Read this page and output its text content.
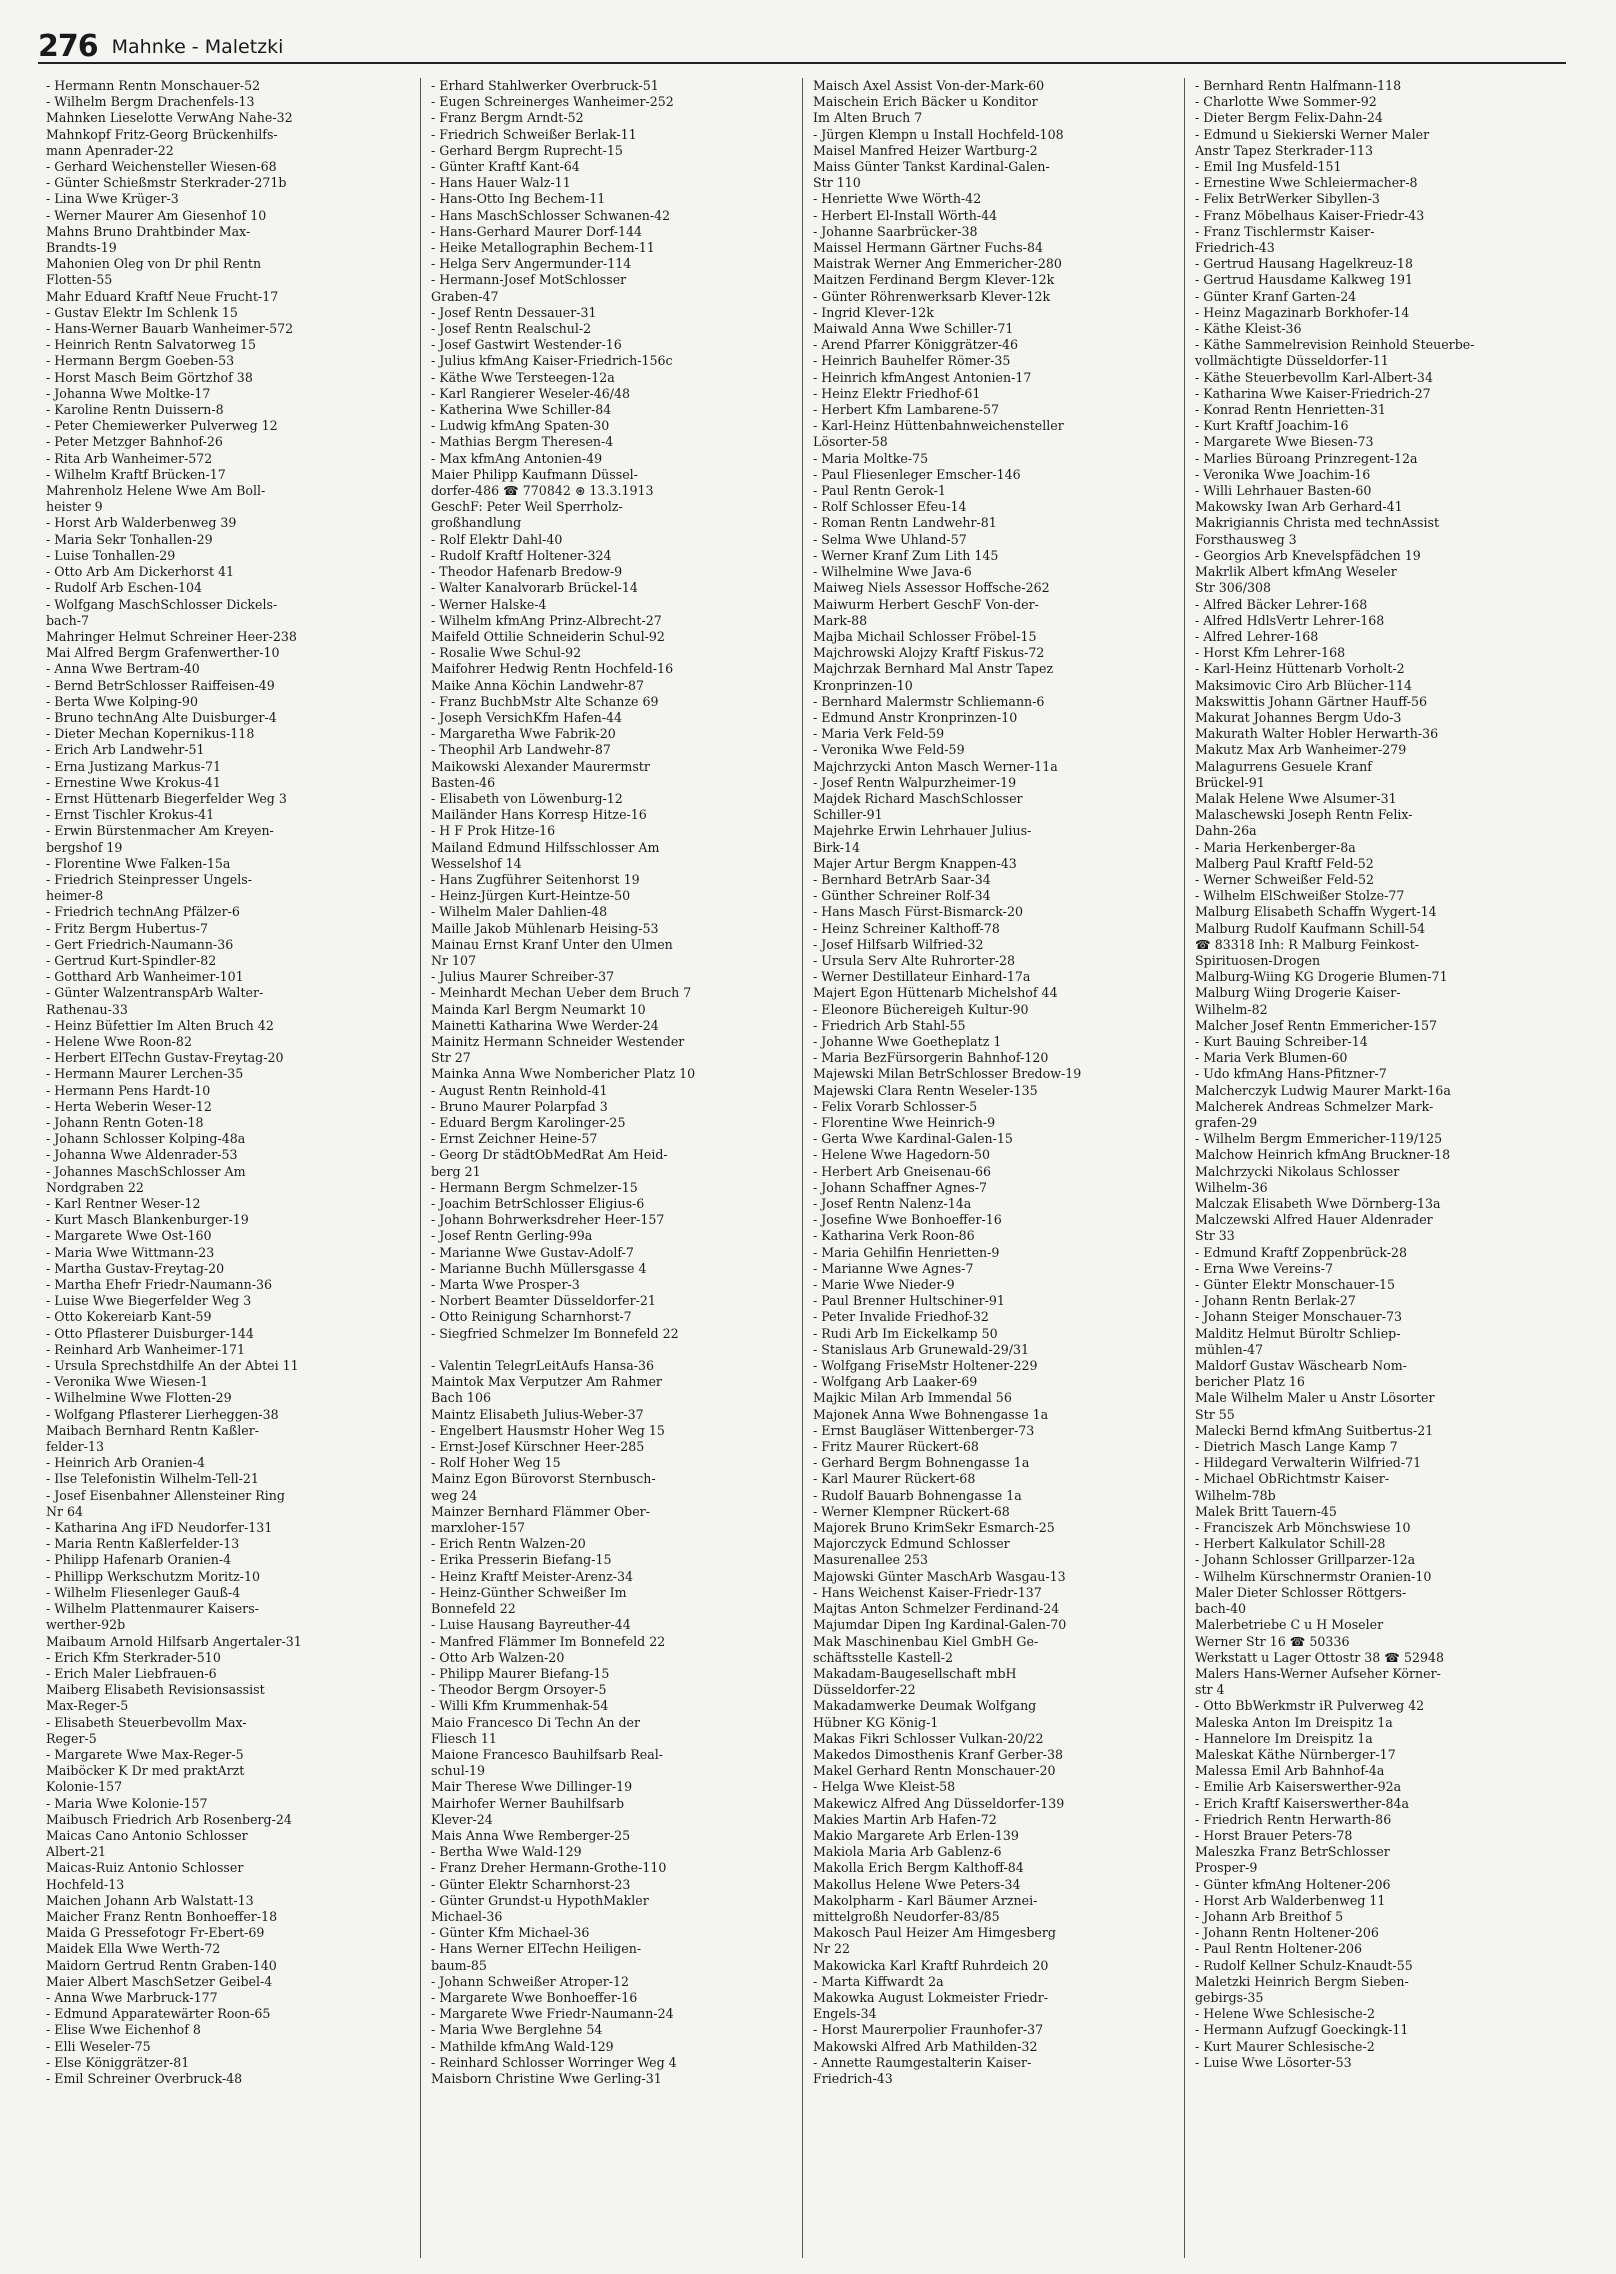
276 Mahnke - Maletzki
- Hermann Rentn Monschauer-52
- Wilhelm Bergm Drachenfels-13
Mahnken Lieselotte VerwAng Nahe-32
Mahnkopf Fritz-Georg Brückenhilfs-
mann Apenrader-22
- Gerhard Weichensteller Wiesen-68
- Günter Schießmstr Sterkrader-271b
- Lina Wwe Krüger-3
- Werner Maurer Am Giesenhof 10
Mahns Bruno Drahtbinder Max-
Brandts-19
Mahonien Oleg von Dr phil Rentn
Flotten-55
Mahr Eduard Kraftf Neue Frucht-17
- Gustav Elektr Im Schlenk 15
- Hans-Werner Bauarb Wanheimer-572
- Heinrich Rentn Salvatorweg 15
- Hermann Bergm Goeben-53
- Horst Masch Beim Görtzhof 38
- Johanna Wwe Moltke-17
- Karoline Rentn Duissern-8
- Peter Chemiewerker Pulverweg 12
- Peter Metzger Bahnhof-26
- Rita Arb Wanheimer-572
- Wilhelm Kraftf Brücken-17
Mahrenholz Helene Wwe Am Boll-
heister 9
- Horst Arb Walderbenweg 39
- Maria Sekr Tonhallen-29
- Luise Tonhallen-29
- Otto Arb Am Dickerhorst 41
- Rudolf Arb Eschen-104
- Wolfgang MaschSchlosser Dickels-
bach-7
Mahringer Helmut Schreiner Heer-238
Mai Alfred Bergm Grafenwerther-10
- Anna Wwe Bertram-40
- Bernd BetrSchlosser Raiffeisen-49
- Berta Wwe Kolping-90
- Bruno technAng Alte Duisburger-4
- Dieter Mechan Kopernikus-118
- Erich Arb Landwehr-51
- Erna Justizang Markus-71
- Ernestine Wwe Krokus-41
- Ernst Hüttenarb Biegerfelder Weg 3
- Ernst Tischler Krokus-41
- Erwin Bürstenmacher Am Kreyen-
bergshof 19
- Florentine Wwe Falken-15a
- Friedrich Steinpresser Ungels-
heimer-8
- Friedrich technAng Pfälzer-6
- Fritz Bergm Hubertus-7
- Gert Friedrich-Naumann-36
- Gertrud Kurt-Spindler-82
- Gotthard Arb Wanheimer-101
- Günter WalzentranspArb Walter-
Rathenau-33
- Heinz Büfettier Im Alten Bruch 42
- Helene Wwe Roon-82
- Herbert ElTechn Gustav-Freytag-20
- Hermann Maurer Lerchen-35
- Hermann Pens Hardt-10
- Herta Weberin Weser-12
- Johann Rentn Goten-18
- Johann Schlosser Kolping-48a
- Johanna Wwe Aldenrader-53
- Johannes MaschSchlosser Am
Nordgraben 22
- Karl Rentner Weser-12
- Kurt Masch Blankenburger-19
- Margarete Wwe Ost-160
- Maria Wwe Wittmann-23
- Martha Gustav-Freytag-20
- Martha Ehefr Friedr-Naumann-36
- Luise Wwe Biegerfelder Weg 3
- Otto Kokereiarb Kant-59
- Otto Pflasterer Duisburger-144
- Reinhard Arb Wanheimer-171
- Ursula Sprechstdhilfe An der Abtei 11
- Veronika Wwe Wiesen-1
- Wilhelmine Wwe Flotten-29
- Wolfgang Pflasterer Lierheggen-38
Maibach Bernhard Rentn Kaßler-
felder-13
- Heinrich Arb Oranien-4
- Ilse Telefonistin Wilhelm-Tell-21
- Josef Eisenbahner Allensteiner Ring
Nr 64
- Katharina Ang iFD Neudorfer-131
- Maria Rentn Kaßlerfelder-13
- Philipp Hafenarb Oranien-4
- Phillipp Werkschutzm Moritz-10
- Wilhelm Fliesenleger Gauß-4
- Wilhelm Plattenmaurer Kaisers-
werther-92b
Maibaum Arnold Hilfsarb Angertaler-31
- Erich Kfm Sterkrader-510
- Erich Maler Liebfrauen-6
Maiberg Elisabeth Revisionsassist
Max-Reger-5
- Elisabeth Steuerbevollm Max-
Reger-5
- Margarete Wwe Max-Reger-5
Maiböcker K Dr med praktArzt
Kolonie-157
- Maria Wwe Kolonie-157
Maibusch Friedrich Arb Rosenberg-24
Maicas Cano Antonio Schlosser
Albert-21
Maicas-Ruiz Antonio Schlosser
Hochfeld-13
Maichen Johann Arb Walstatt-13
Maicher Franz Rentn Bonhoeffer-18
Maida G Pressefotogr Fr-Ebert-69
Maidek Ella Wwe Werth-72
Maidorn Gertrud Rentn Graben-140
Maier Albert MaschSetzer Geibel-4
- Anna Wwe Marbruck-177
- Edmund Apparatewärter Roon-65
- Elise Wwe Eichenhof 8
- Elli Weseler-75
- Else Königgrätzer-81
- Emil Schreiner Overbruck-48
- Erhard Stahlwerker Overbruck-51
- Eugen Schreinerges Wanheimer-252
- Franz Bergm Arndt-52
- Friedrich Schweißer Berlak-11
- Gerhard Bergm Ruprecht-15
- Günter Kraftf Kant-64
- Hans Hauer Walz-11
- Hans-Otto Ing Bechem-11
- Hans MaschSchlosser Schwanen-42
- Hans-Gerhard Maurer Dorf-144
- Heike Metallographin Bechem-11
- Helga Serv Angermunder-114
- Hermann-Josef MotSchlosser
Graben-47
- Josef Rentn Dessauer-31
- Josef Rentn Realschul-2
- Josef Gastwirt Westender-16
- Julius kfmAng Kaiser-Friedrich-156c
- Käthe Wwe Tersteegen-12a
- Karl Rangierer Weseler-46/48
- Katherina Wwe Schiller-84
- Ludwig kfmAng Spaten-30
- Mathias Bergm Theresen-4
- Max kfmAng Antonien-49
Maier Philipp Kaufmann Düssel-
dorfer-486 ☎ 770842 ⊛ 13.3.1913
GeschF: Peter Weil Sperrholz-
großhandlung
- Rolf Elektr Dahl-40
- Rudolf Kraftf Holtener-324
- Theodor Hafenarb Bredow-9
- Walter Kanalvorarb Brückel-14
- Werner Halske-4
- Wilhelm kfmAng Prinz-Albrecht-27
Maifeld Ottilie Schneiderin Schul-92
- Rosalie Wwe Schul-92
Maifohrer Hedwig Rentn Hochfeld-16
Maike Anna Köchin Landwehr-87
- Franz BuchbMstr Alte Schanze 69
- Joseph VersichKfm Hafen-44
- Margaretha Wwe Fabrik-20
- Theophil Arb Landwehr-87
Maikowski Alexander Maurermstr
Basten-46
- Elisabeth von Löwenburg-12
Mailänder Hans Korresp Hitze-16
- H F Prok Hitze-16
Mailand Edmund Hilfsschlosser Am
Wesselshof 14
- Hans Zugführer Seitenhorst 19
- Heinz-Jürgen Kurt-Heintze-50
- Wilhelm Maler Dahlien-48
Maille Jakob Mühlenarb Heising-53
Mainau Ernst Kranf Unter den Ulmen
Nr 107
- Julius Maurer Schreiber-37
- Meinhardt Mechan Ueber dem Bruch 7
Mainda Karl Bergm Neumarkt 10
Mainetti Katharina Wwe Werder-24
Mainitz Hermann Schneider Westender
Str 27
Mainka Anna Wwe Nombericher Platz 10
- August Rentn Reinhold-41
- Bruno Maurer Polarpfad 3
- Eduard Bergm Karolinger-25
- Ernst Zeichner Heine-57
- Georg Dr städtObMedRat Am Heid-
berg 21
- Hermann Bergm Schmelzer-15
- Joachim BetrSchlosser Eligius-6
- Johann Bohrwerksdreher Heer-157
- Josef Rentn Gerling-99a
- Marianne Wwe Gustav-Adolf-7
- Marianne Buchh Müllersgasse 4
- Marta Wwe Prosper-3
- Norbert Beamter Düsseldorfer-21
- Otto Reinigung Scharnhorst-7
- Siegfried Schmelzer Im Bonnefeld 22

- Valentin TelegrLeitAufs Hansa-36
Maintok Max Verputzer Am Rahmer
Bach 106
Maintz Elisabeth Julius-Weber-37
- Engelbert Hausmstr Hoher Weg 15
- Ernst-Josef Kürschner Heer-285
- Rolf Hoher Weg 15
Mainz Egon Bürovorst Sternbusch-
weg 24
Mainzer Bernhard Flämmer Ober-
marxloher-157
- Erich Rentn Walzen-20
- Erika Presserin Biefang-15
- Heinz Kraftf Meister-Arenz-34
- Heinz-Günther Schweißer Im
Bonnefeld 22
- Luise Hausang Bayreuther-44
- Manfred Flämmer Im Bonnefeld 22
- Otto Arb Walzen-20
- Philipp Maurer Biefang-15
- Theodor Bergm Orsoyer-5
- Willi Kfm Krummenhak-54
Maio Francesco Di Techn An der
Fliesch 11
Maione Francesco Bauhilfsarb Real-
schul-19
Mair Therese Wwe Dillinger-19
Mairhofer Werner Bauhilfsarb
Klever-24
Mais Anna Wwe Remberger-25
- Bertha Wwe Wald-129
- Franz Dreher Hermann-Grothe-110
- Günter Elektr Scharnhorst-23
- Günter Grundst-u HypothMakler
Michael-36
- Günter Kfm Michael-36
- Hans Werner ElTechn Heiligen-
baum-85
- Johann Schweißer Atroper-12
- Margarete Wwe Bonhoeffer-16
- Margarete Wwe Friedr-Naumann-24
- Maria Wwe Berglehne 54
- Mathilde kfmAng Wald-129
- Reinhard Schlosser Worringer Weg 4
Maisborn Christine Wwe Gerling-31
Maisch Axel Assist Von-der-Mark-60
Maischein Erich Bäcker u Konditor
Im Alten Bruch 7
- Jürgen Klempn u Install Hochfeld-108
Maisel Manfred Heizer Wartburg-2
Maiss Günter Tankst Kardinal-Galen-
Str 110
- Henriette Wwe Wörth-42
- Herbert El-Install Wörth-44
- Johanne Saarbrücker-38
Maissel Hermann Gärtner Fuchs-84
Maistrak Werner Ang Emmericher-280
Maitzen Ferdinand Bergm Klever-12k
- Günter Röhrenwerksarb Klever-12k
- Ingrid Klever-12k
Maiwald Anna Wwe Schiller-71
- Arend Pfarrer Königgrätzer-46
- Heinrich Bauhelfer Römer-35
- Heinrich kfmAngest Antonien-17
- Heinz Elektr Friedhof-61
- Herbert Kfm Lambarene-57
- Karl-Heinz Hüttenbahnweichensteller
Lösorter-58
- Maria Moltke-75
- Paul Fliesenleger Emscher-146
- Paul Rentn Gerok-1
- Rolf Schlosser Efeu-14
- Roman Rentn Landwehr-81
- Selma Wwe Uhland-57
- Werner Kranf Zum Lith 145
- Wilhelmine Wwe Java-6
Maiweg Niels Assessor Hoffsche-262
Maiwurm Herbert GeschF Von-der-
Mark-88
Majba Michail Schlosser Fröbel-15
Majchrowski Alojzy Kraftf Fiskus-72
Majchrzak Bernhard Mal Anstr Tapez
Kronprinzen-10
- Bernhard Malermstr Schliemann-6
- Edmund Anstr Kronprinzen-10
- Maria Verk Feld-59
- Veronika Wwe Feld-59
Majchrzycki Anton Masch Werner-11a
- Josef Rentn Walpurzheimer-19
Majdek Richard MaschSchlosser
Schiller-91
Majehrke Erwin Lehrhauer Julius-
Birk-14
Majer Artur Bergm Knappen-43
- Bernhard BetrArb Saar-34
- Günther Schreiner Rolf-34
- Hans Masch Fürst-Bismarck-20
- Heinz Schreiner Kalthoff-78
- Josef Hilfsarb Wilfried-32
- Ursula Serv Alte Ruhrorter-28
- Werner Destillateur Einhard-17a
Majert Egon Hüttenarb Michelshof 44
- Eleonore Büchereigeh Kultur-90
- Friedrich Arb Stahl-55
- Johanne Wwe Goetheplatz 1
- Maria BezFürsorgerin Bahnhof-120
Majewski Milan BetrSchlosser Bredow-19
Majewski Clara Rentn Weseler-135
- Felix Vorarb Schlosser-5
- Florentine Wwe Heinrich-9
- Gerta Wwe Kardinal-Galen-15
- Helene Wwe Hagedorn-50
- Herbert Arb Gneisenau-66
- Johann Schaffner Agnes-7
- Josef Rentn Nalenz-14a
- Josefine Wwe Bonhoeffer-16
- Katharina Verk Roon-86
- Maria Gehilfin Henrietten-9
- Marianne Wwe Agnes-7
- Marie Wwe Nieder-9
- Paul Brenner Hultschiner-91
- Peter Invalide Friedhof-32
- Rudi Arb Im Eickelkamp 50
- Stanislaus Arb Grunewald-29/31
- Wolfgang FriseMstr Holtener-229
- Wolfgang Arb Laaker-69
Majkic Milan Arb Immendal 56
Majonek Anna Wwe Bohnengasse 1a
- Ernst Baugläser Wittenberger-73
- Fritz Maurer Rückert-68
- Gerhard Bergm Bohnengasse 1a
- Karl Maurer Rückert-68
- Rudolf Bauarb Bohnengasse 1a
- Werner Klempner Rückert-68
Majorek Bruno KrimSekr Esmarch-25
Majorczyck Edmund Schlosser
Masurenallee 253
Majowski Günter MaschArb Wasgau-13
- Hans Weichenst Kaiser-Friedr-137
Majtas Anton Schmelzer Ferdinand-24
Majumdar Dipen Ing Kardinal-Galen-70
Mak Maschinenbau Kiel GmbH Ge-
schäftsstelle Kastell-2
Makadam-Baugesellschaft mbH
Düsseldorfer-22
Makadamwerke Deumak Wolfgang
Hübner KG König-1
Makas Fikri Schlosser Vulkan-20/22
Makedos Dimosthenis Kranf Gerber-38
Makel Gerhard Rentn Monschauer-20
- Helga Wwe Kleist-58
Makewicz Alfred Ang Düsseldorfer-139
Makies Martin Arb Hafen-72
Makio Margarete Arb Erlen-139
Makiola Maria Arb Gablenz-6
Makolla Erich Bergm Kalthoff-84
Makollus Helene Wwe Peters-34
Makolpharm - Karl Bäumer Arznei-
mittelgroßh Neudorfer-83/85
Makosch Paul Heizer Am Himgesberg
Nr 22
Makowicka Karl Kraftf Ruhrdeich 20
- Marta Kiffwardt 2a
Makowka August Lokmeister Friedr-
Engels-34
- Horst Maurerpolier Fraunhofer-37
Makowski Alfred Arb Mathilden-32
- Annette Raumgestalterin Kaiser-
Friedrich-43
- Bernhard Rentn Halfmann-118
- Charlotte Wwe Sommer-92
- Dieter Bergm Felix-Dahn-24
- Edmund u Siekierski Werner Maler
Anstr Tapez Sterkrader-113
- Emil Ing Musfeld-151
- Ernestine Wwe Schleiermacher-8
- Felix BetrWerker Sibyllen-3
- Franz Möbelhaus Kaiser-Friedr-43
- Franz Tischlermstr Kaiser-
Friedrich-43
- Gertrud Hausang Hagelkreuz-18
- Gertrud Hausdame Kalkweg 191
- Günter Kranf Garten-24
- Heinz Magazinarb Borkhofer-14
- Käthe Kleist-36
- Käthe Sammelrevision Reinhold Steuerbe-
vollmächtigte Düsseldorfer-11
- Käthe Steuerbevollm Karl-Albert-34
- Katharina Wwe Kaiser-Friedrich-27
- Konrad Rentn Henrietten-31
- Kurt Kraftf Joachim-16
- Margarete Wwe Biesen-73
- Marlies Büroang Prinzregent-12a
- Veronika Wwe Joachim-16
- Willi Lehrhauer Basten-60
Makowsky Iwan Arb Gerhard-41
Makrigiannis Christa med technAssist
Forsthausweg 3
- Georgios Arb Knevelspfädchen 19
Makrlik Albert kfmAng Weseler
Str 306/308
- Alfred Bäcker Lehrer-168
- Alfred HdlsVertr Lehrer-168
- Alfred Lehrer-168
- Horst Kfm Lehrer-168
- Karl-Heinz Hüttenarb Vorholt-2
Maksimovic Ciro Arb Blücher-114
Makswittis Johann Gärtner Hauff-56
Makurat Johannes Bergm Udo-3
Makurath Walter Hobler Herwarth-36
Makutz Max Arb Wanheimer-279
Malagurrens Gesuele Kranf
Brückel-91
Malak Helene Wwe Alsumer-31
Malaschewski Joseph Rentn Felix-
Dahn-26a
- Maria Herkenberger-8a
Malberg Paul Kraftf Feld-52
- Werner Schweißer Feld-52
- Wilhelm ElSchweißer Stolze-77
Malburg Elisabeth Schaffn Wygert-14
Malburg Rudolf Kaufmann Schill-54
☎ 83318 Inh: R Malburg Feinkost-
Spirituosen-Drogen
Malburg-Wiing KG Drogerie Blumen-71
Malburg Wiing Drogerie Kaiser-
Wilhelm-82
Malcher Josef Rentn Emmericher-157
- Kurt Bauing Schreiber-14
- Maria Verk Blumen-60
- Udo kfmAng Hans-Pfitzner-7
Malcherczyk Ludwig Maurer Markt-16a
Malcherek Andreas Schmelzer Mark-
grafen-29
- Wilhelm Bergm Emmericher-119/125
Malchow Heinrich kfmAng Bruckner-18
Malchrzycki Nikolaus Schlosser
Wilhelm-36
Malczak Elisabeth Wwe Dörnberg-13a
Malczewski Alfred Hauer Aldenrader
Str 33
- Edmund Kraftf Zoppenbrück-28
- Erna Wwe Vereins-7
- Günter Elektr Monschauer-15
- Johann Rentn Berlak-27
- Johann Steiger Monschauer-73
Malditz Helmut Büroltr Schliep-
mühlen-47
Maldorf Gustav Wäschearb Nom-
bericher Platz 16
Male Wilhelm Maler u Anstr Lösorter
Str 55
Malecki Bernd kfmAng Suitbertus-21
- Dietrich Masch Lange Kamp 7
- Hildegard Verwalterin Wilfried-71
- Michael ObRichtmstr Kaiser-
Wilhelm-78b
Malek Britt Tauern-45
- Franciszek Arb Mönchswiese 10
- Herbert Kalkulator Schill-28
- Johann Schlosser Grillparzer-12a
- Wilhelm Kürschnermstr Oranien-10
Maler Dieter Schlosser Röttgers-
bach-40
Malerbetriebe C u H Moseler
Werner Str 16 ☎ 50336
Werkstatt u Lager Ottostr 38 ☎ 52948
Malers Hans-Werner Aufseher Körner-
str 4
- Otto BbWerkmstr iR Pulverweg 42
Maleska Anton Im Dreispitz 1a
- Hannelore Im Dreispitz 1a
Maleskat Käthe Nürnberger-17
Malessa Emil Arb Bahnhof-4a
- Emilie Arb Kaiserswerther-92a
- Erich Kraftf Kaiserswerther-84a
- Friedrich Rentn Herwarth-86
- Horst Brauer Peters-78
Maleszka Franz BetrSchlosser
Prosper-9
- Günter kfmAng Holtener-206
- Horst Arb Walderbenweg 11
- Johann Arb Breithof 5
- Johann Rentn Holtener-206
- Paul Rentn Holtener-206
- Rudolf Kellner Schulz-Knaudt-55
Maletzki Heinrich Bergm Sieben-
gebirgs-35
- Helene Wwe Schlesische-2
- Hermann Aufzugf Goeckingk-11
- Kurt Maurer Schlesische-2
- Luise Wwe Lösorter-53
